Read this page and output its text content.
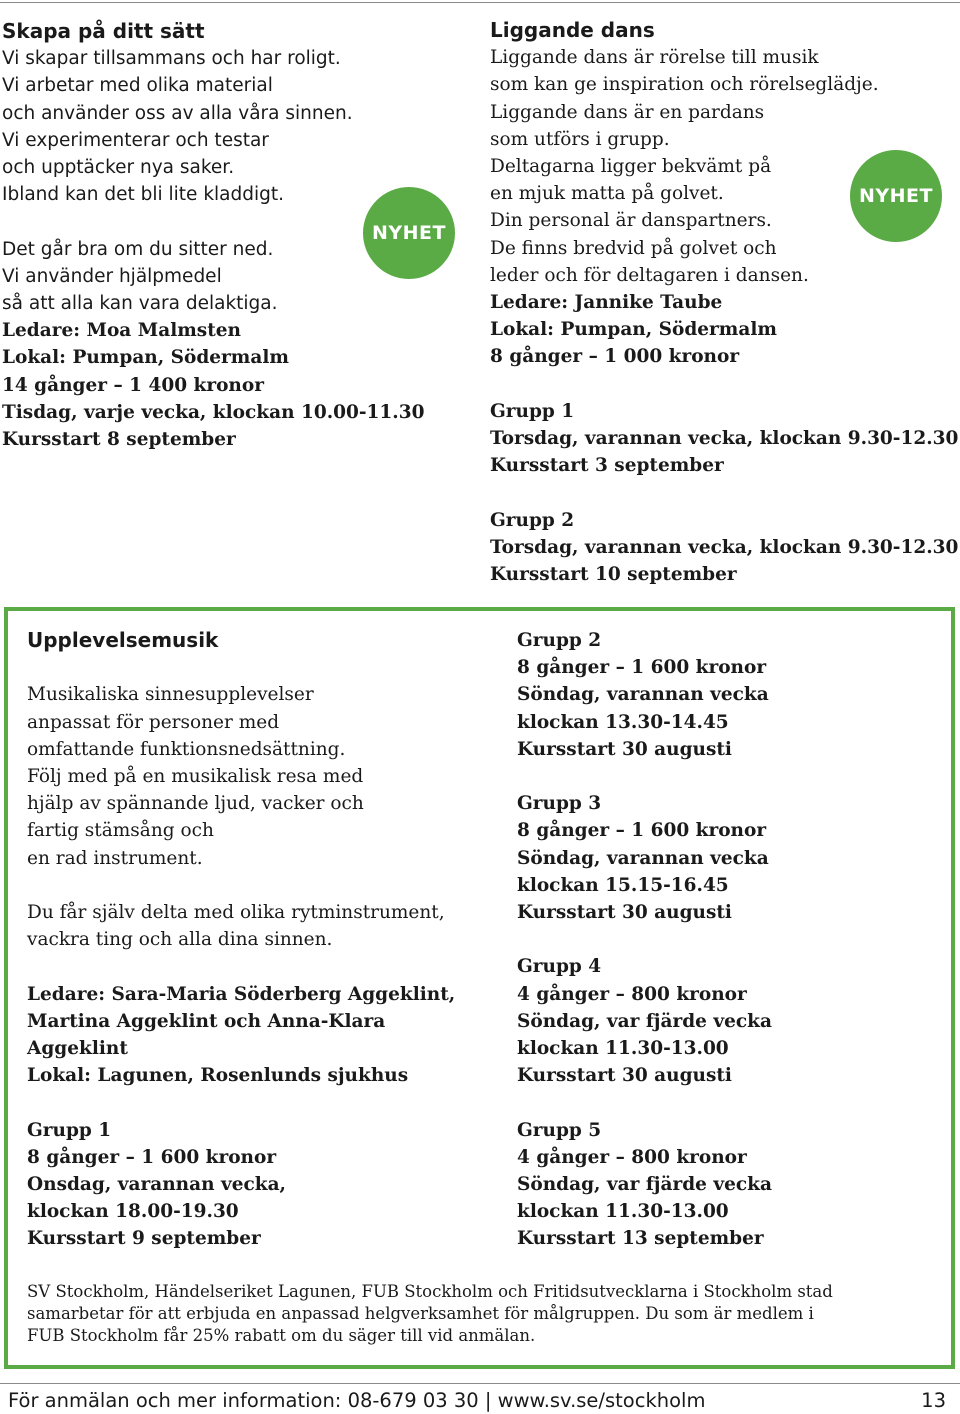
Skapa på ditt sätt
Vi skapar tillsammans och har roligt.
Vi arbetar med olika material
och använder oss av alla våra sinnen.
Vi experimenterar och testar
och upptäcker nya saker.
Ibland kan det bli lite kladdigt.
Det går bra om du sitter ned.
Vi använder hjälpmedel
så att alla kan vara delaktiga.
Ledare: Moa Malmsten
Lokal: Pumpan, Södermalm
14 gånger – 1 400 kronor
Tisdag, varje vecka, klockan 10.00-11.30
Kursstart 8 september
NYHET
Liggande dans
Liggande dans är rörelse till musik
som kan ge inspiration och rörelseglädje.
Liggande dans är en pardans
som utförs i grupp.
Deltagarna ligger bekvämt på
en mjuk matta på golvet.
Din personal är danspartners.
De finns bredvid på golvet och
leder och för deltagaren i dansen.
Ledare: Jannike Taube
Lokal: Pumpan, Södermalm
8 gånger – 1 000 kronor
Grupp 1
Torsdag, varannan vecka, klockan 9.30-12.30
Kursstart 3 september
Grupp 2
Torsdag, varannan vecka, klockan 9.30-12.30
Kursstart 10 september
NYHET
Upplevelsemusik
Musikaliska sinnesupplevelser
anpassat för personer med
omfattande funktionsnedsättning.
Följ med på en musikalisk resa med
hjälp av spännande ljud, vacker och
fartig stämsång och
en rad instrument.
Du får själv delta med olika rytminstrument,
vackra ting och alla dina sinnen.
Ledare: Sara-Maria Söderberg Aggeklint,
Martina Aggeklint och Anna-Klara
Aggeklint
Lokal: Lagunen, Rosenlunds sjukhus
Grupp 1
8 gånger – 1 600 kronor
Onsdag, varannan vecka,
klockan 18.00-19.30
Kursstart 9 september
Grupp 2
8 gånger – 1 600 kronor
Söndag, varannan vecka
klockan 13.30-14.45
Kursstart 30 augusti
Grupp 3
8 gånger – 1 600 kronor
Söndag, varannan vecka
klockan 15.15-16.45
Kursstart 30 augusti
Grupp 4
4 gånger – 800 kronor
Söndag, var fjärde vecka
klockan 11.30-13.00
Kursstart 30 augusti
Grupp 5
4 gånger – 800 kronor
Söndag, var fjärde vecka
klockan 11.30-13.00
Kursstart 13 september
SV Stockholm, Händelseriket Lagunen, FUB Stockholm och Fritidsutvecklarna i Stockholm stad
samarbetar för att erbjuda en anpassad helgverksamhet för målgruppen. Du som är medlem i
FUB Stockholm får 25% rabatt om du säger till vid anmälan.
För anmälan och mer information: 08-679 03 30 | www.sv.se/stockholm	13
